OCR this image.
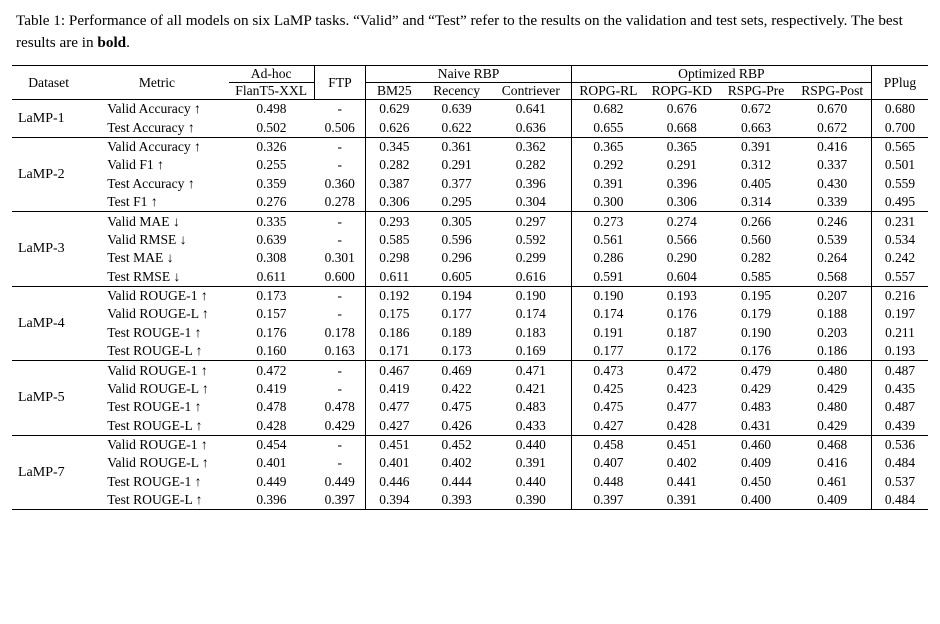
Table 1: Performance of all models on six LaMP tasks. “Valid” and “Test” refer to the results on the validation and test sets, respectively. The best results are in bold.

Dataset	Metric	Ad-hoc	FTP	Naive RBP			Optimized RBP				PPlug
		FlanT5-XXL		BM25	Recency	Contriever	ROPG-RL	ROPG-KD	RSPG-Pre	RSPG-Post	

LaMP-1	Valid Accuracy ↑	0.498	-	0.629	0.639	0.641	0.682	0.676	0.672	0.670	0.680
	Test Accuracy ↑	0.502	0.506	0.626	0.622	0.636	0.655	0.668	0.663	0.672	0.700

LaMP-2	Valid Accuracy ↑	0.326	-	0.345	0.361	0.362	0.365	0.365	0.391	0.416	0.565
	Valid F1 ↑	0.255	-	0.282	0.291	0.282	0.292	0.291	0.312	0.337	0.501
	Test Accuracy ↑	0.359	0.360	0.387	0.377	0.396	0.391	0.396	0.405	0.430	0.559
	Test F1 ↑	0.276	0.278	0.306	0.295	0.304	0.300	0.306	0.314	0.339	0.495

LaMP-3	Valid MAE ↓	0.335	-	0.293	0.305	0.297	0.273	0.274	0.266	0.246	0.231
	Valid RMSE ↓	0.639	-	0.585	0.596	0.592	0.561	0.566	0.560	0.539	0.534
	Test MAE ↓	0.308	0.301	0.298	0.296	0.299	0.286	0.290	0.282	0.264	0.242
	Test RMSE ↓	0.611	0.600	0.611	0.605	0.616	0.591	0.604	0.585	0.568	0.557

LaMP-4	Valid ROUGE-1 ↑	0.173	-	0.192	0.194	0.190	0.190	0.193	0.195	0.207	0.216
	Valid ROUGE-L ↑	0.157	-	0.175	0.177	0.174	0.174	0.176	0.179	0.188	0.197
	Test ROUGE-1 ↑	0.176	0.178	0.186	0.189	0.183	0.191	0.187	0.190	0.203	0.211
	Test ROUGE-L ↑	0.160	0.163	0.171	0.173	0.169	0.177	0.172	0.176	0.186	0.193

LaMP-5	Valid ROUGE-1 ↑	0.472	-	0.467	0.469	0.471	0.473	0.472	0.479	0.480	0.487
	Valid ROUGE-L ↑	0.419	-	0.419	0.422	0.421	0.425	0.423	0.429	0.429	0.435
	Test ROUGE-1 ↑	0.478	0.478	0.477	0.475	0.483	0.475	0.477	0.483	0.480	0.487
	Test ROUGE-L ↑	0.428	0.429	0.427	0.426	0.433	0.427	0.428	0.431	0.429	0.439

LaMP-7	Valid ROUGE-1 ↑	0.454	-	0.451	0.452	0.440	0.458	0.451	0.460	0.468	0.536
	Valid ROUGE-L ↑	0.401	-	0.401	0.402	0.391	0.407	0.402	0.409	0.416	0.484
	Test ROUGE-1 ↑	0.449	0.449	0.446	0.444	0.440	0.448	0.441	0.450	0.461	0.537
	Test ROUGE-L ↑	0.396	0.397	0.394	0.393	0.390	0.397	0.391	0.400	0.409	0.484
